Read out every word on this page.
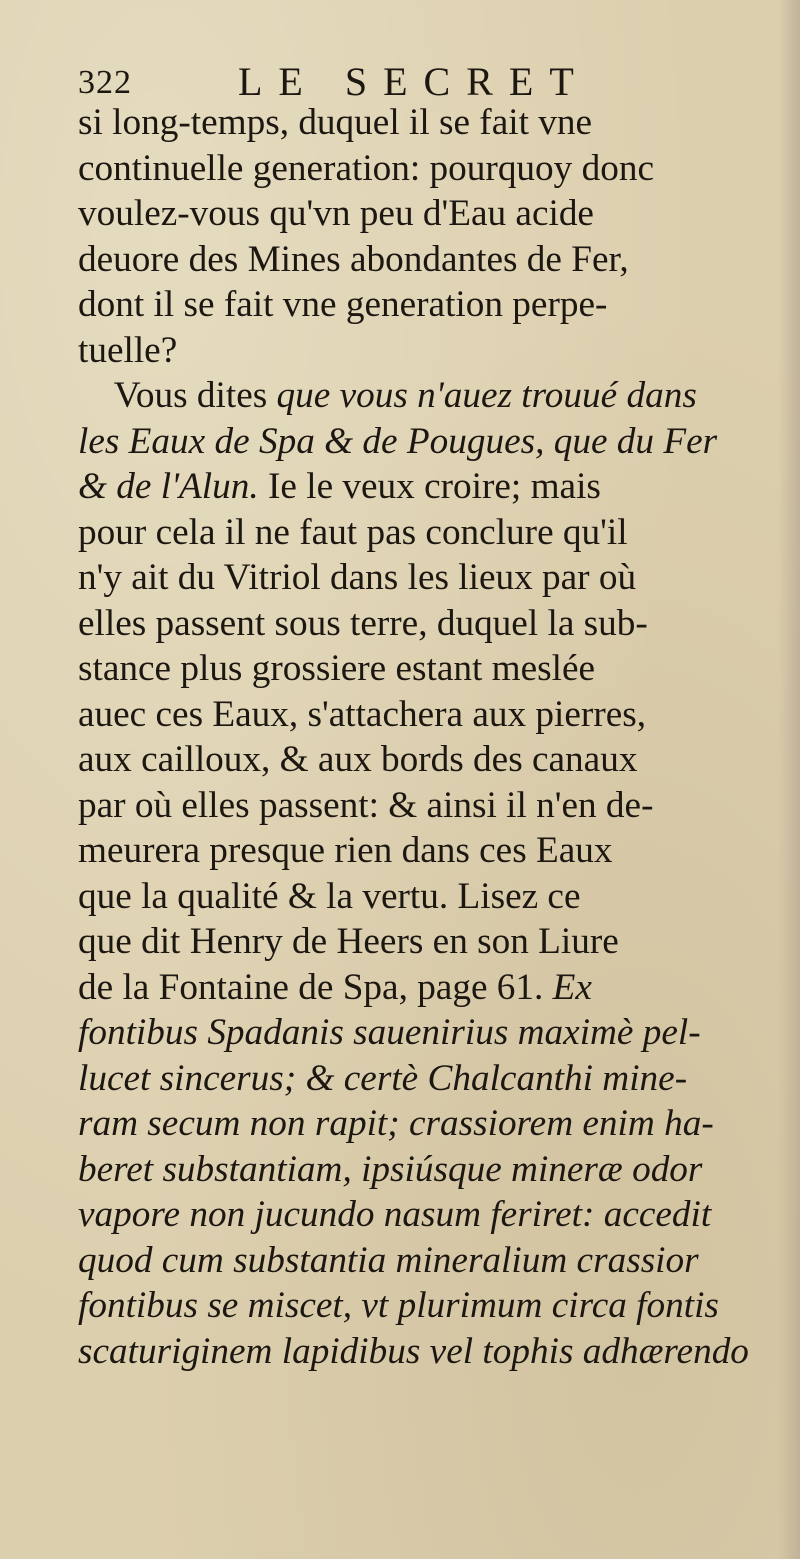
322	LE SECRET
si long-temps, duquel il se fait vne
continuelle generation: pourquoy donc
voulez-vous qu'vn peu d'Eau acide
deuore des Mines abondantes de Fer,
dont il se fait vne generation perpe-
tuelle?
Vous dites que vous n'auez trouué dans
les Eaux de Spa & de Pougues, que du Fer
& de l'Alun. Ie le veux croire; mais
pour cela il ne faut pas conclure qu'il
n'y ait du Vitriol dans les lieux par où
elles passent sous terre, duquel la sub-
stance plus grossiere estant meslée
auec ces Eaux, s'attachera aux pierres,
aux cailloux, & aux bords des canaux
par où elles passent: & ainsi il n'en de-
meurera presque rien dans ces Eaux
que la qualité & la vertu. Lisez ce
que dit Henry de Heers en son Liure
de la Fontaine de Spa, page 61. Ex
fontibus Spadanis sauenirius maximè pel-
lucet sincerus; & certè Chalcanthi mine-
ram secum non rapit; crassiorem enim ha-
beret substantiam, ipsiúsque mineræ odor
vapore non jucundo nasum feriret: accedit
quod cum substantia mineralium crassior
fontibus se miscet, vt plurimum circa fontis
scaturiginem lapidibus vel tophis adhærendo
